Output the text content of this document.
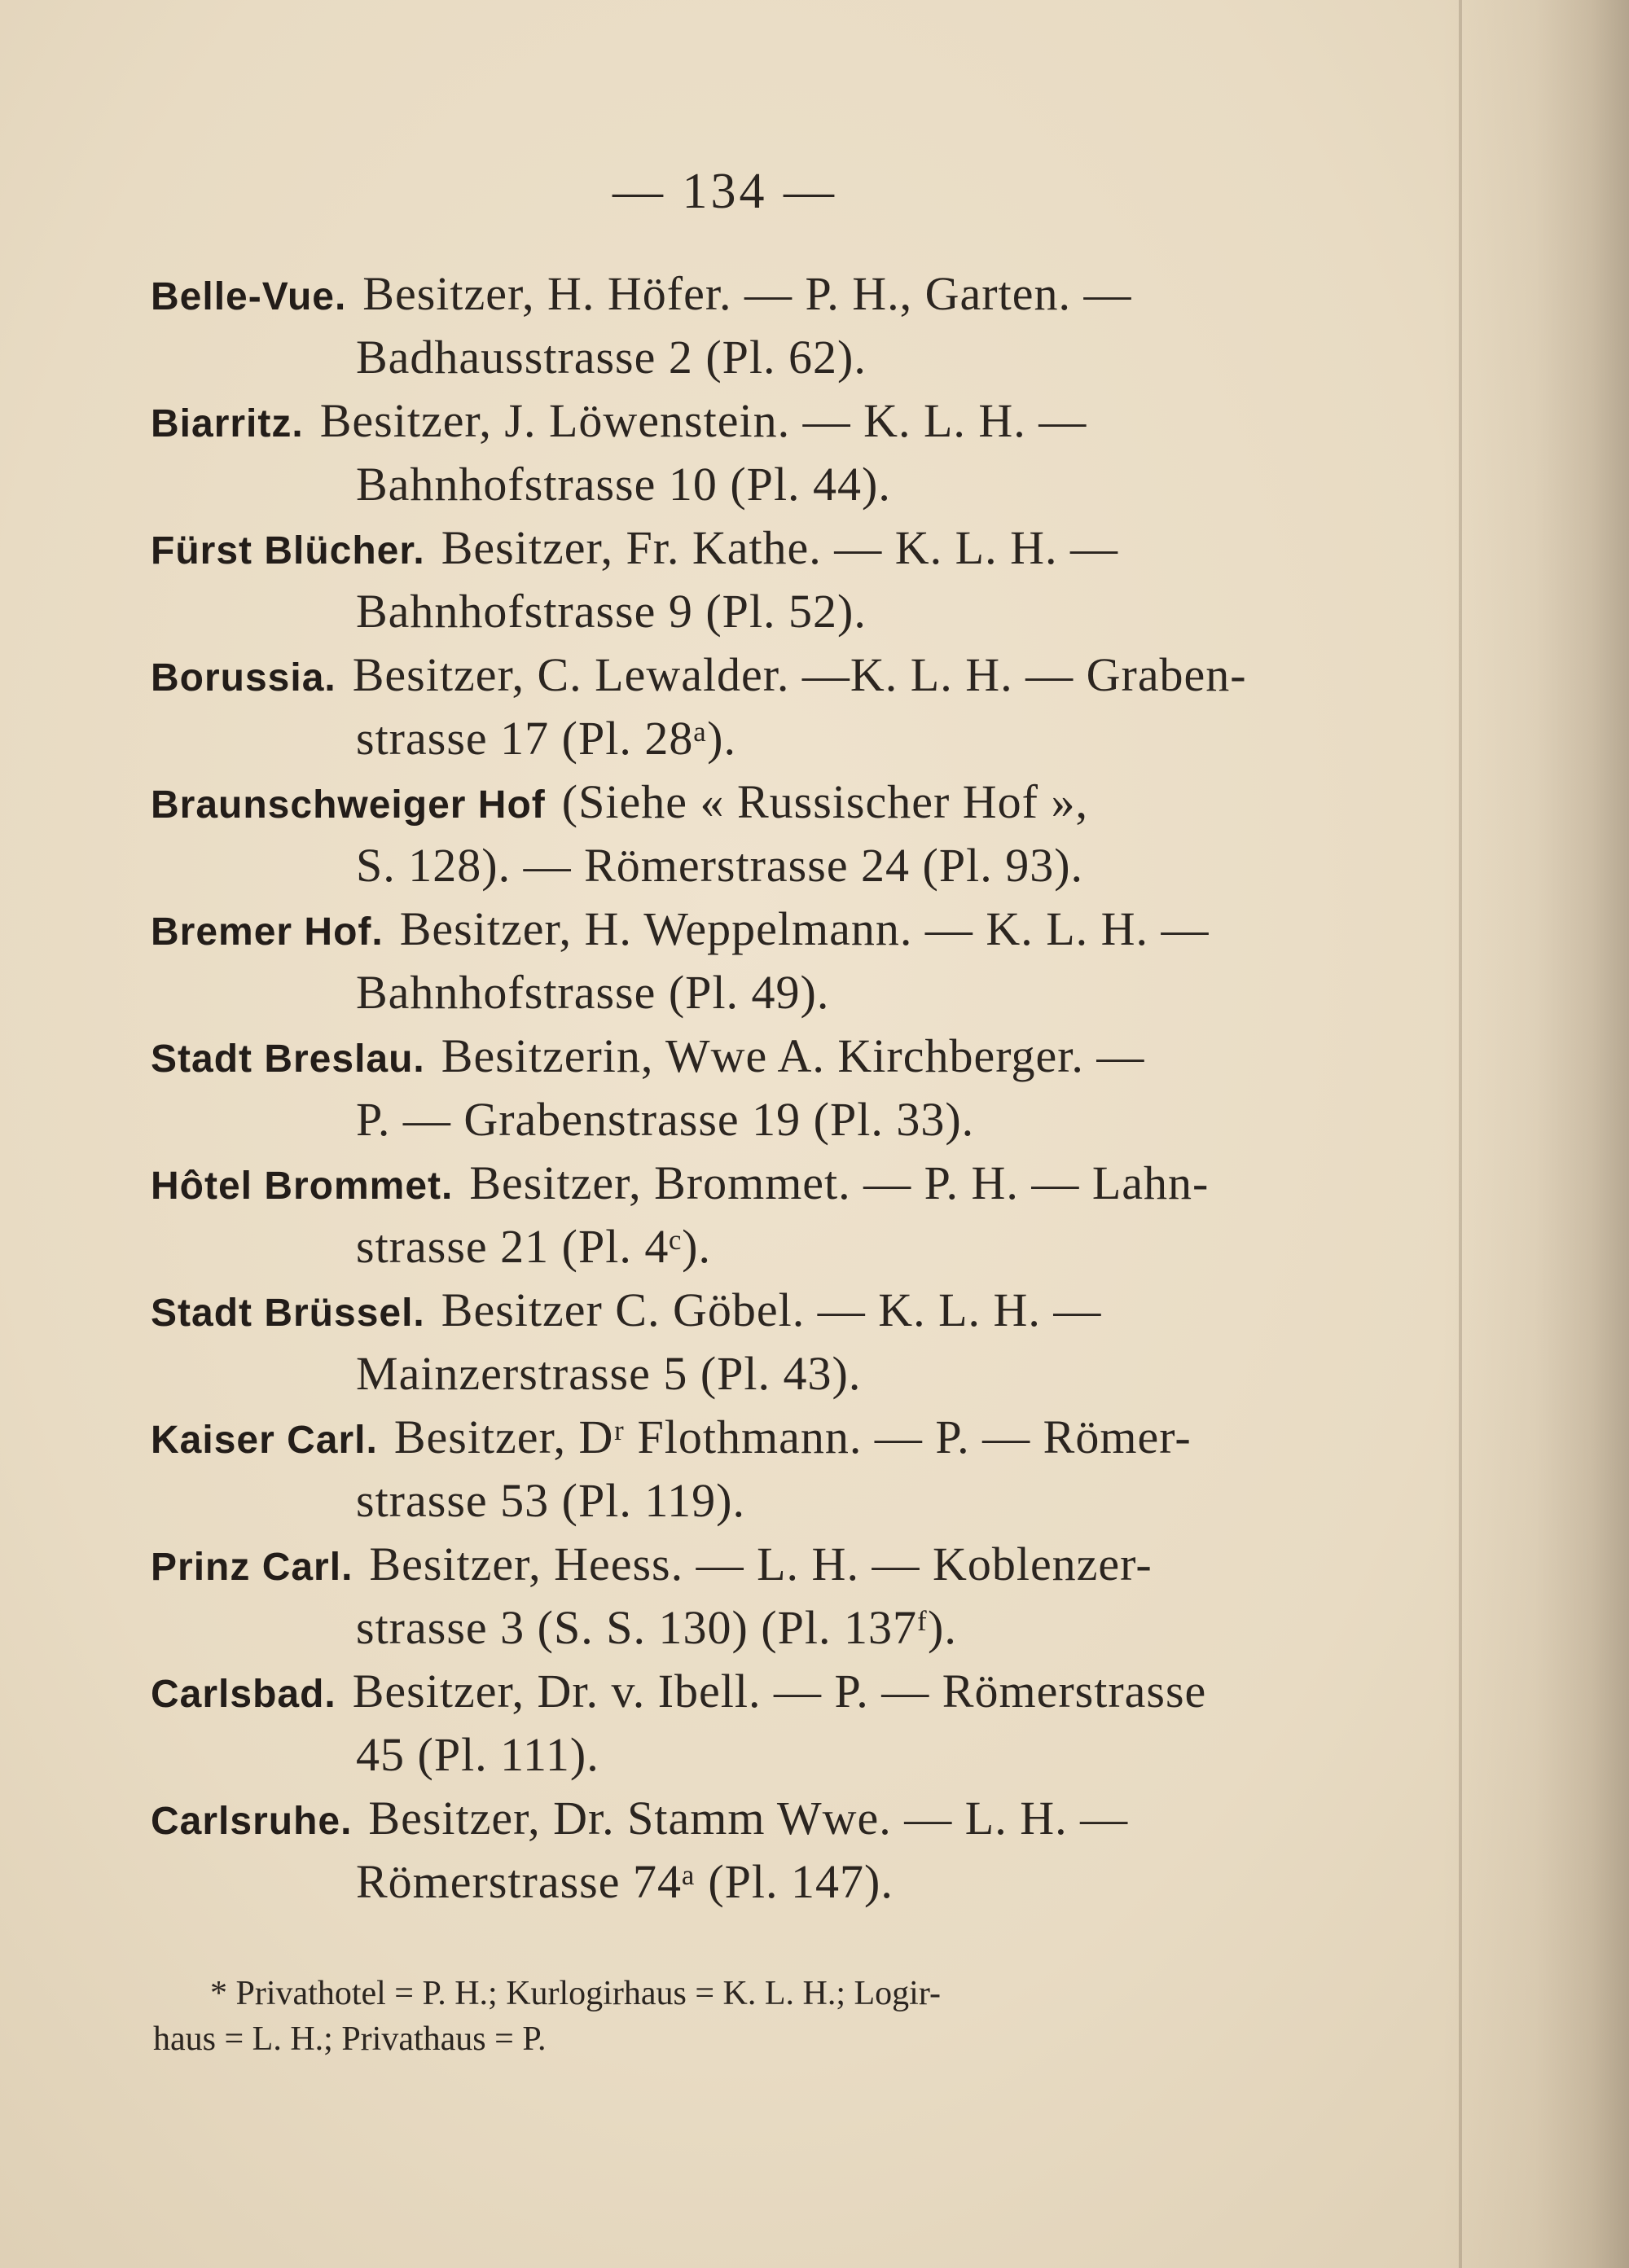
— 134 —
Belle-Vue. Besitzer, H. Höfer. — P. H., Garten. —
Badhausstrasse 2 (Pl. 62).
Biarritz. Besitzer, J. Löwenstein. — K. L. H. —
Bahnhofstrasse 10 (Pl. 44).
Fürst Blücher. Besitzer, Fr. Kathe. — K. L. H. —
Bahnhofstrasse 9 (Pl. 52).
Borussia. Besitzer, C. Lewalder. —K. L. H. — Graben-
strasse 17 (Pl. 28ᵃ).
Braunschweiger Hof (Siehe « Russischer Hof »,
S. 128). — Römerstrasse 24 (Pl. 93).
Bremer Hof. Besitzer, H. Weppelmann. — K. L. H. —
Bahnhofstrasse (Pl. 49).
Stadt Breslau. Besitzerin, Wwe A. Kirchberger. —
P. — Grabenstrasse 19 (Pl. 33).
Hôtel Brommet. Besitzer, Brommet. — P. H. — Lahn-
strasse 21 (Pl. 4ᶜ).
Stadt Brüssel. Besitzer C. Göbel. — K. L. H. —
Mainzerstrasse 5 (Pl. 43).
Kaiser Carl. Besitzer, Dʳ Flothmann. — P. — Römer-
strasse 53 (Pl. 119).
Prinz Carl. Besitzer, Heess. — L. H. — Koblenzer-
strasse 3 (S. S. 130) (Pl. 137ᶠ).
Carlsbad. Besitzer, Dr. v. Ibell. — P. — Römerstrasse
45 (Pl. 111).
Carlsruhe. Besitzer, Dr. Stamm Wwe. — L. H. —
Römerstrasse 74ᵃ (Pl. 147).
* Privathotel = P. H.; Kurlogirhaus = K. L. H.; Logir-
haus = L. H.; Privathaus = P.
